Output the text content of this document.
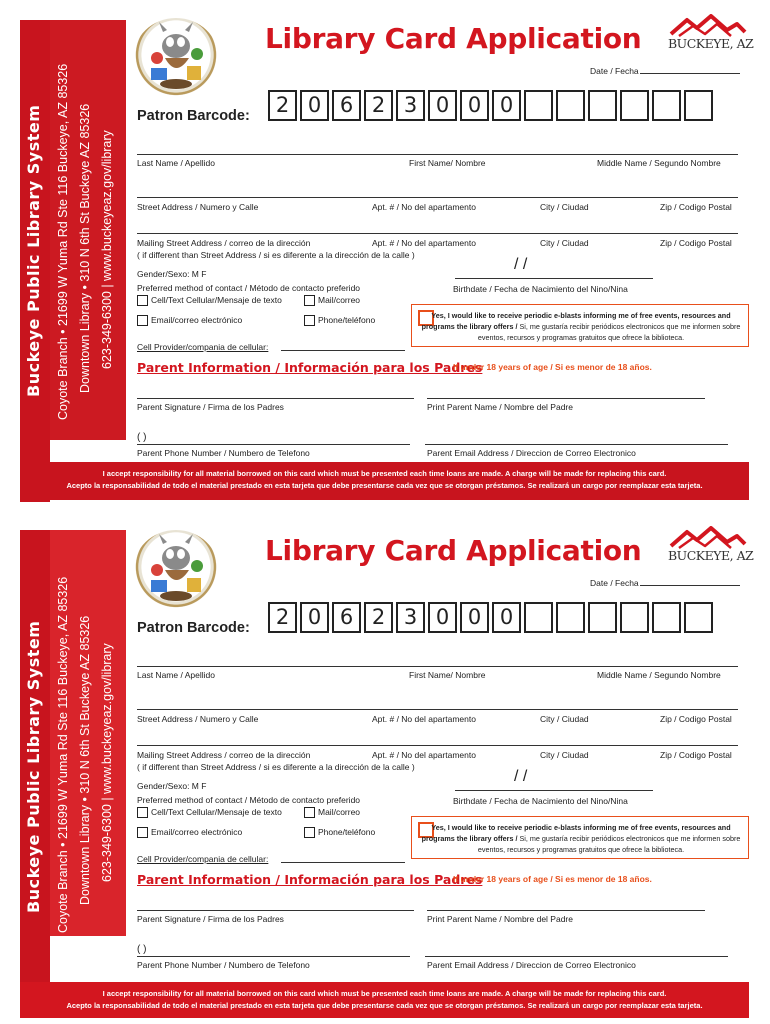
Buckeye Public Library System Coyote Branch • 21699 W Yuma Rd Ste 116 Buckeye, AZ 85326 Downtown Library • 310 N 6th St Buckeye AZ 85326 623-349-6300 | www.buckeyeaz.gov/library
Library Card Application BUCKEYE, AZ
Date / Fecha
Patron Barcode:	2 0 6 2 3 0 0 0
Last Name / Apellido	First Name/ Nombre	Middle Name / Segundo Nombre
Street Address / Numero y Calle	Apt. # / No del apartamento	City / Ciudad	Zip / Codigo Postal
Mailing Street Address / correo de la dirección	Apt. # / No del apartamento	City / Ciudad	Zip / Codigo Postal
( if different than Street Address / si es diferente a la dirección de la calle )
Gender/Sexo: M F
/ /
Birthdate / Fecha de Nacimiento del Nino/Nina
Preferred method of contact / Método de contacto preferido
Cell/Text Cellular/Mensaje de texto	Mail/correo
Email/correo electrónico	Phone/teléfono
Cell Provider/compania de cellular:
Yes, I would like to receive periodic e-blasts informing me of free events, resources and programs the library offers / Si, me gustaría recibir periódicos electronicos que me informen sobre eventos, recursos y programas gratuitos que ofrece la biblioteca.
Parent Information / Información para los Padres
If under 18 years of age / Si es menor de 18 años.
Parent Signature / Firma de los Padres	Print Parent Name / Nombre del Padre
( )
Parent Phone Number / Numbero de Telefono	Parent Email Address / Direccion de Correo Electronico
I accept responsibility for all material borrowed on this card which must be presented each time loans are made. A charge will be made for replacing this card.
Acepto la responsabilidad de todo el material prestado en esta tarjeta que debe presentarse cada vez que se otorgan préstamos. Se realizará un cargo por reemplazar esta tarjeta.
Buckeye Public Library System Coyote Branch • 21699 W Yuma Rd Ste 116 Buckeye, AZ 85326 Downtown Library • 310 N 6th St Buckeye AZ 85326 623-349-6300 | www.buckeyeaz.gov/library
Library Card Application BUCKEYE, AZ
Date / Fecha
Patron Barcode:	2 0 6 2 3 0 0 0
Last Name / Apellido	First Name/ Nombre	Middle Name / Segundo Nombre
Street Address / Numero y Calle	Apt. # / No del apartamento	City / Ciudad	Zip / Codigo Postal
Mailing Street Address / correo de la dirección	Apt. # / No del apartamento	City / Ciudad	Zip / Codigo Postal
( if different than Street Address / si es diferente a la dirección de la calle )
Gender/Sexo: M F
/ /
Birthdate / Fecha de Nacimiento del Nino/Nina
Preferred method of contact / Método de contacto preferido
Cell/Text Cellular/Mensaje de texto	Mail/correo
Email/correo electrónico	Phone/teléfono
Cell Provider/compania de cellular:
Yes, I would like to receive periodic e-blasts informing me of free events, resources and programs the library offers / Si, me gustaría recibir periódicos electronicos que me informen sobre eventos, recursos y programas gratuitos que ofrece la biblioteca.
Parent Information / Información para los Padres
If under 18 years of age / Si es menor de 18 años.
Parent Signature / Firma de los Padres	Print Parent Name / Nombre del Padre
( )
Parent Phone Number / Numbero de Telefono	Parent Email Address / Direccion de Correo Electronico
I accept responsibility for all material borrowed on this card which must be presented each time loans are made. A charge will be made for replacing this card.
Acepto la responsabilidad de todo el material prestado en esta tarjeta que debe presentarse cada vez que se otorgan préstamos. Se realizará un cargo por reemplazar esta tarjeta.
